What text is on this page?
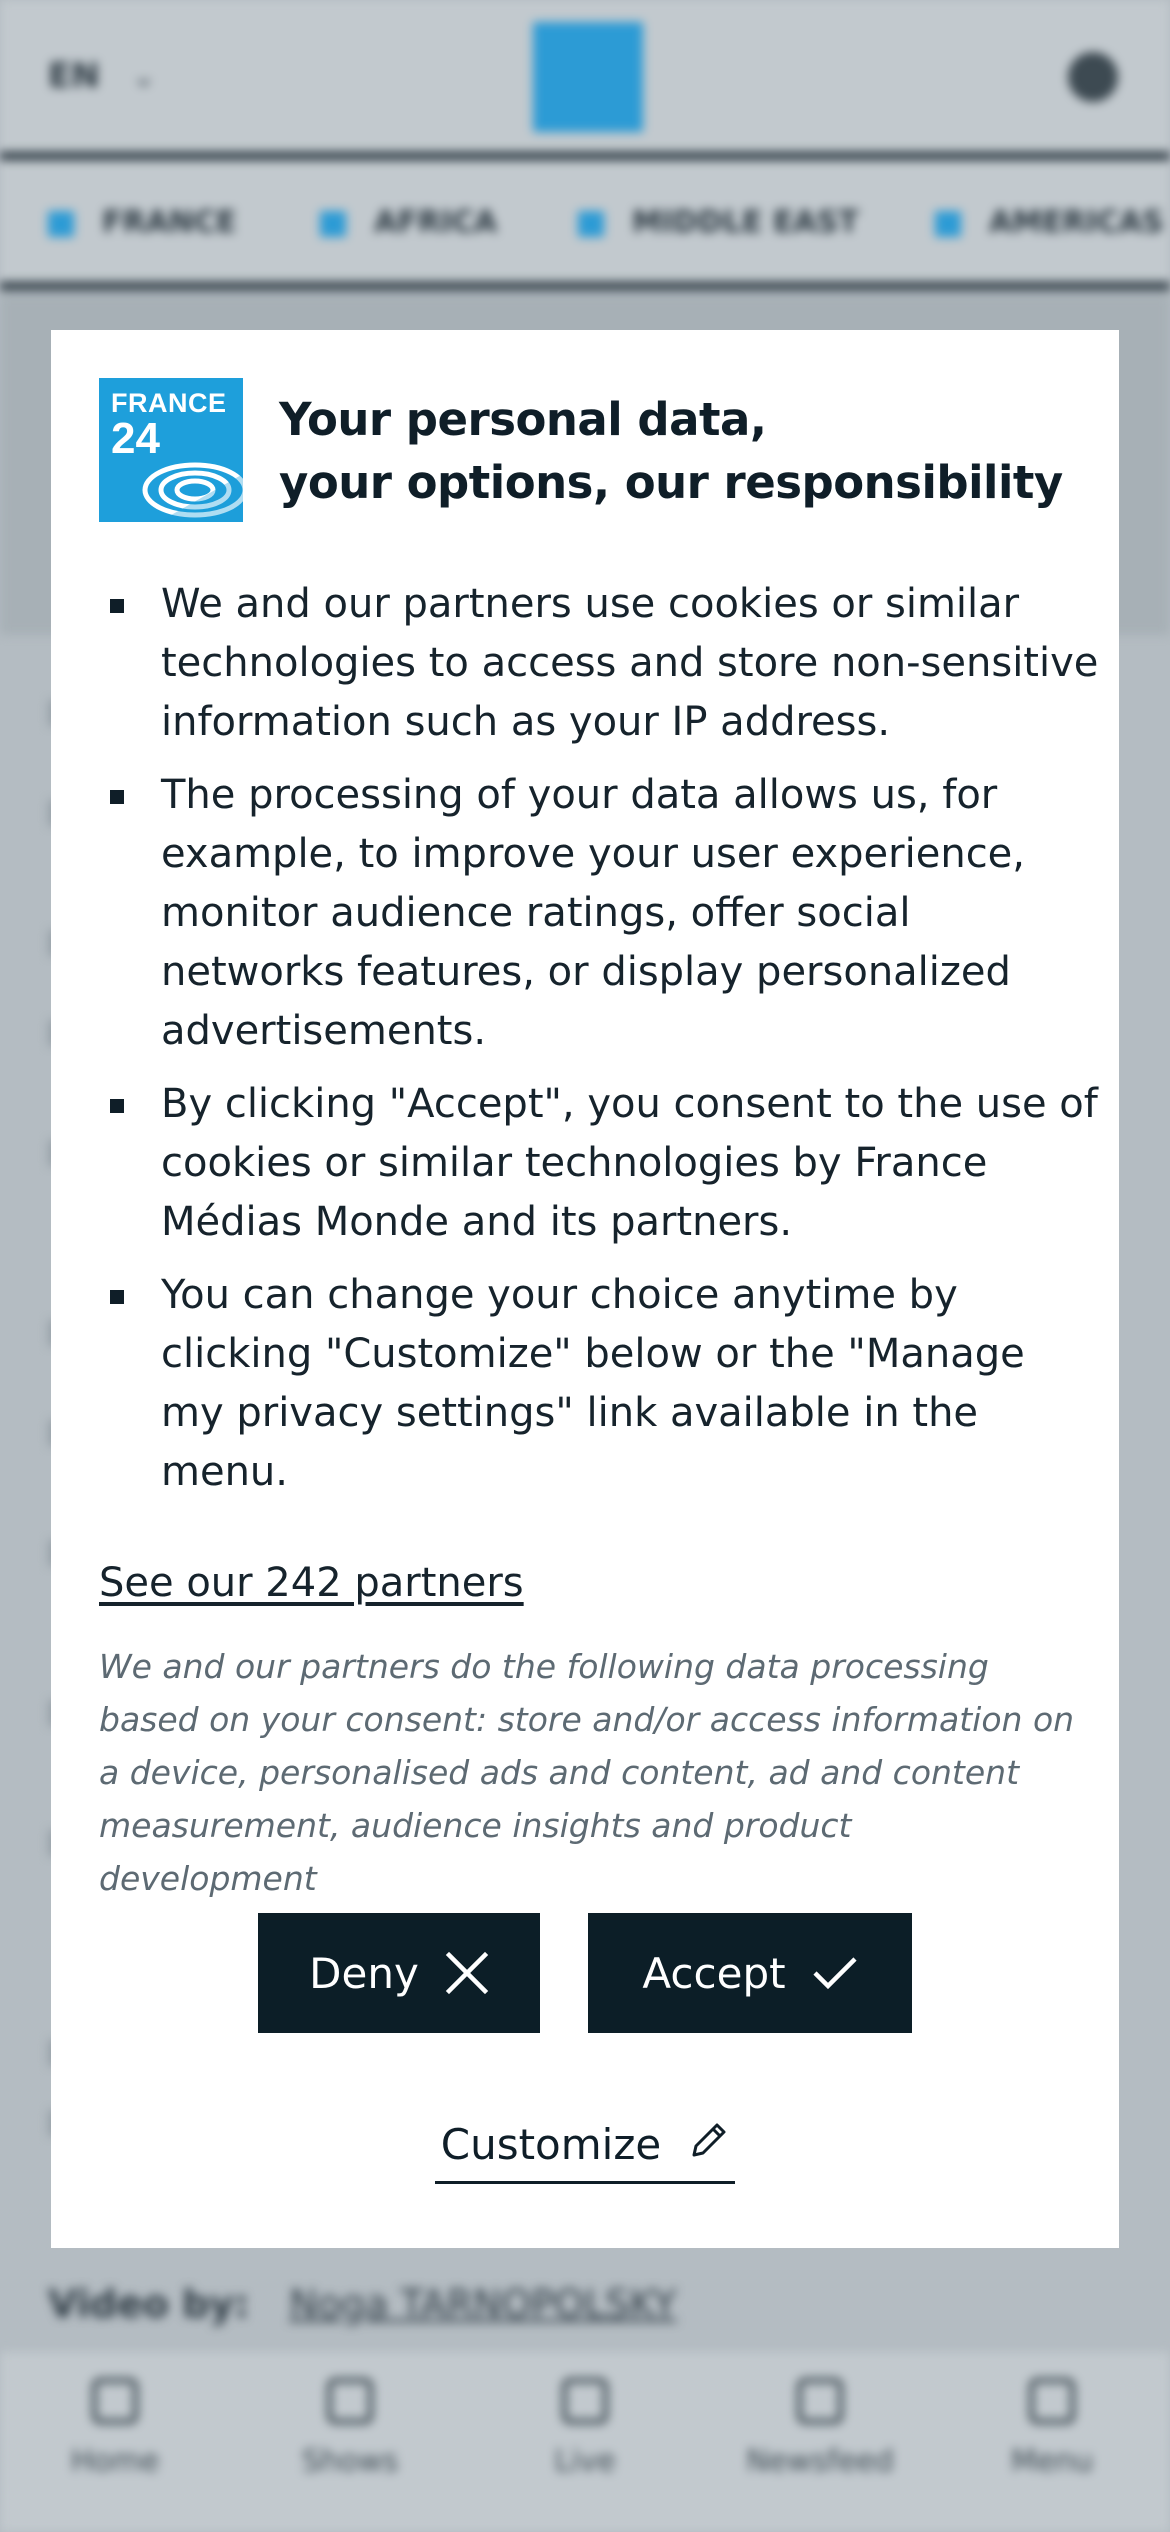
EN ⌄
FRANCE	AFRICA	MIDDLE EAST	AMERICAS
Video by: Noga TARNOPOLSKY
Home	Shows	Live	Newsfeed	Menu
FRANCE
24	Your personal data,
your options, our responsibility
We and our partners use cookies or similar technologies to access and store non-sensitive information such as your IP address.
The processing of your data allows us, for example, to improve your user experience, monitor audience ratings, offer social networks features, or display personalized advertisements.
By clicking "Accept", you consent to the use of cookies or similar technologies by France Médias Monde and its partners.
You can change your choice anytime by clicking "Customize" below or the "Manage my privacy settings" link available in the menu.
See our 242 partners
We and our partners do the following data processing based on your consent: store and/or access information on a device, personalised ads and content, ad and content measurement, audience insights and product development
Deny	Accept
Customize
